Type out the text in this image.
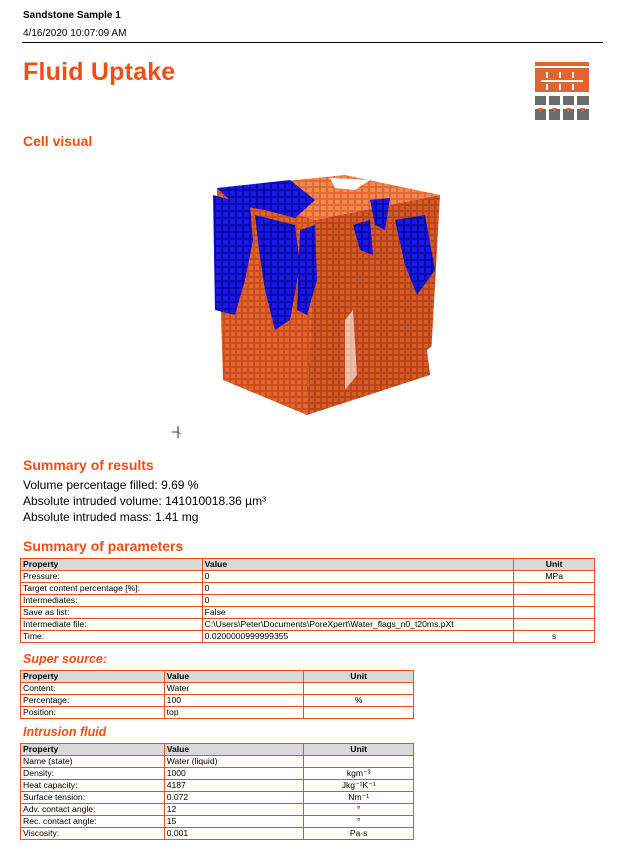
Sandstone Sample 1
4/16/2020 10:07:09 AM
Fluid Uptake
Cell visual
Summary of results
Volume percentage filled: 9.69 %
Absolute intruded volume: 141010018.36 µm³
Absolute intruded mass: 1.41 mg
Summary of parameters
Property	Value	Unit
Pressure:	0	MPa
Target content percentage [%]:	0	
Intermediates:	0	
Save as list:	False	
Intermediate file:	C:\Users\Peter\Documents\PoreXpert\Water_flags_n0_t20ms.pXt	
Time:	0.0200000999999355	s
Super source:
Property	Value	Unit
Content:	Water	
Percentage:	100	%
Position:	top	
Intrusion fluid
Property	Value	Unit
Name (state)	Water (liquid)	
Density:	1000	kgm⁻³
Heat capacity:	4187	Jkg⁻¹K⁻¹
Surface tension:	0.072	Nm⁻¹
Adv. contact angle:	12	°
Rec. contact angle:	15	°
Viscosity:	0.001	Pa·s
